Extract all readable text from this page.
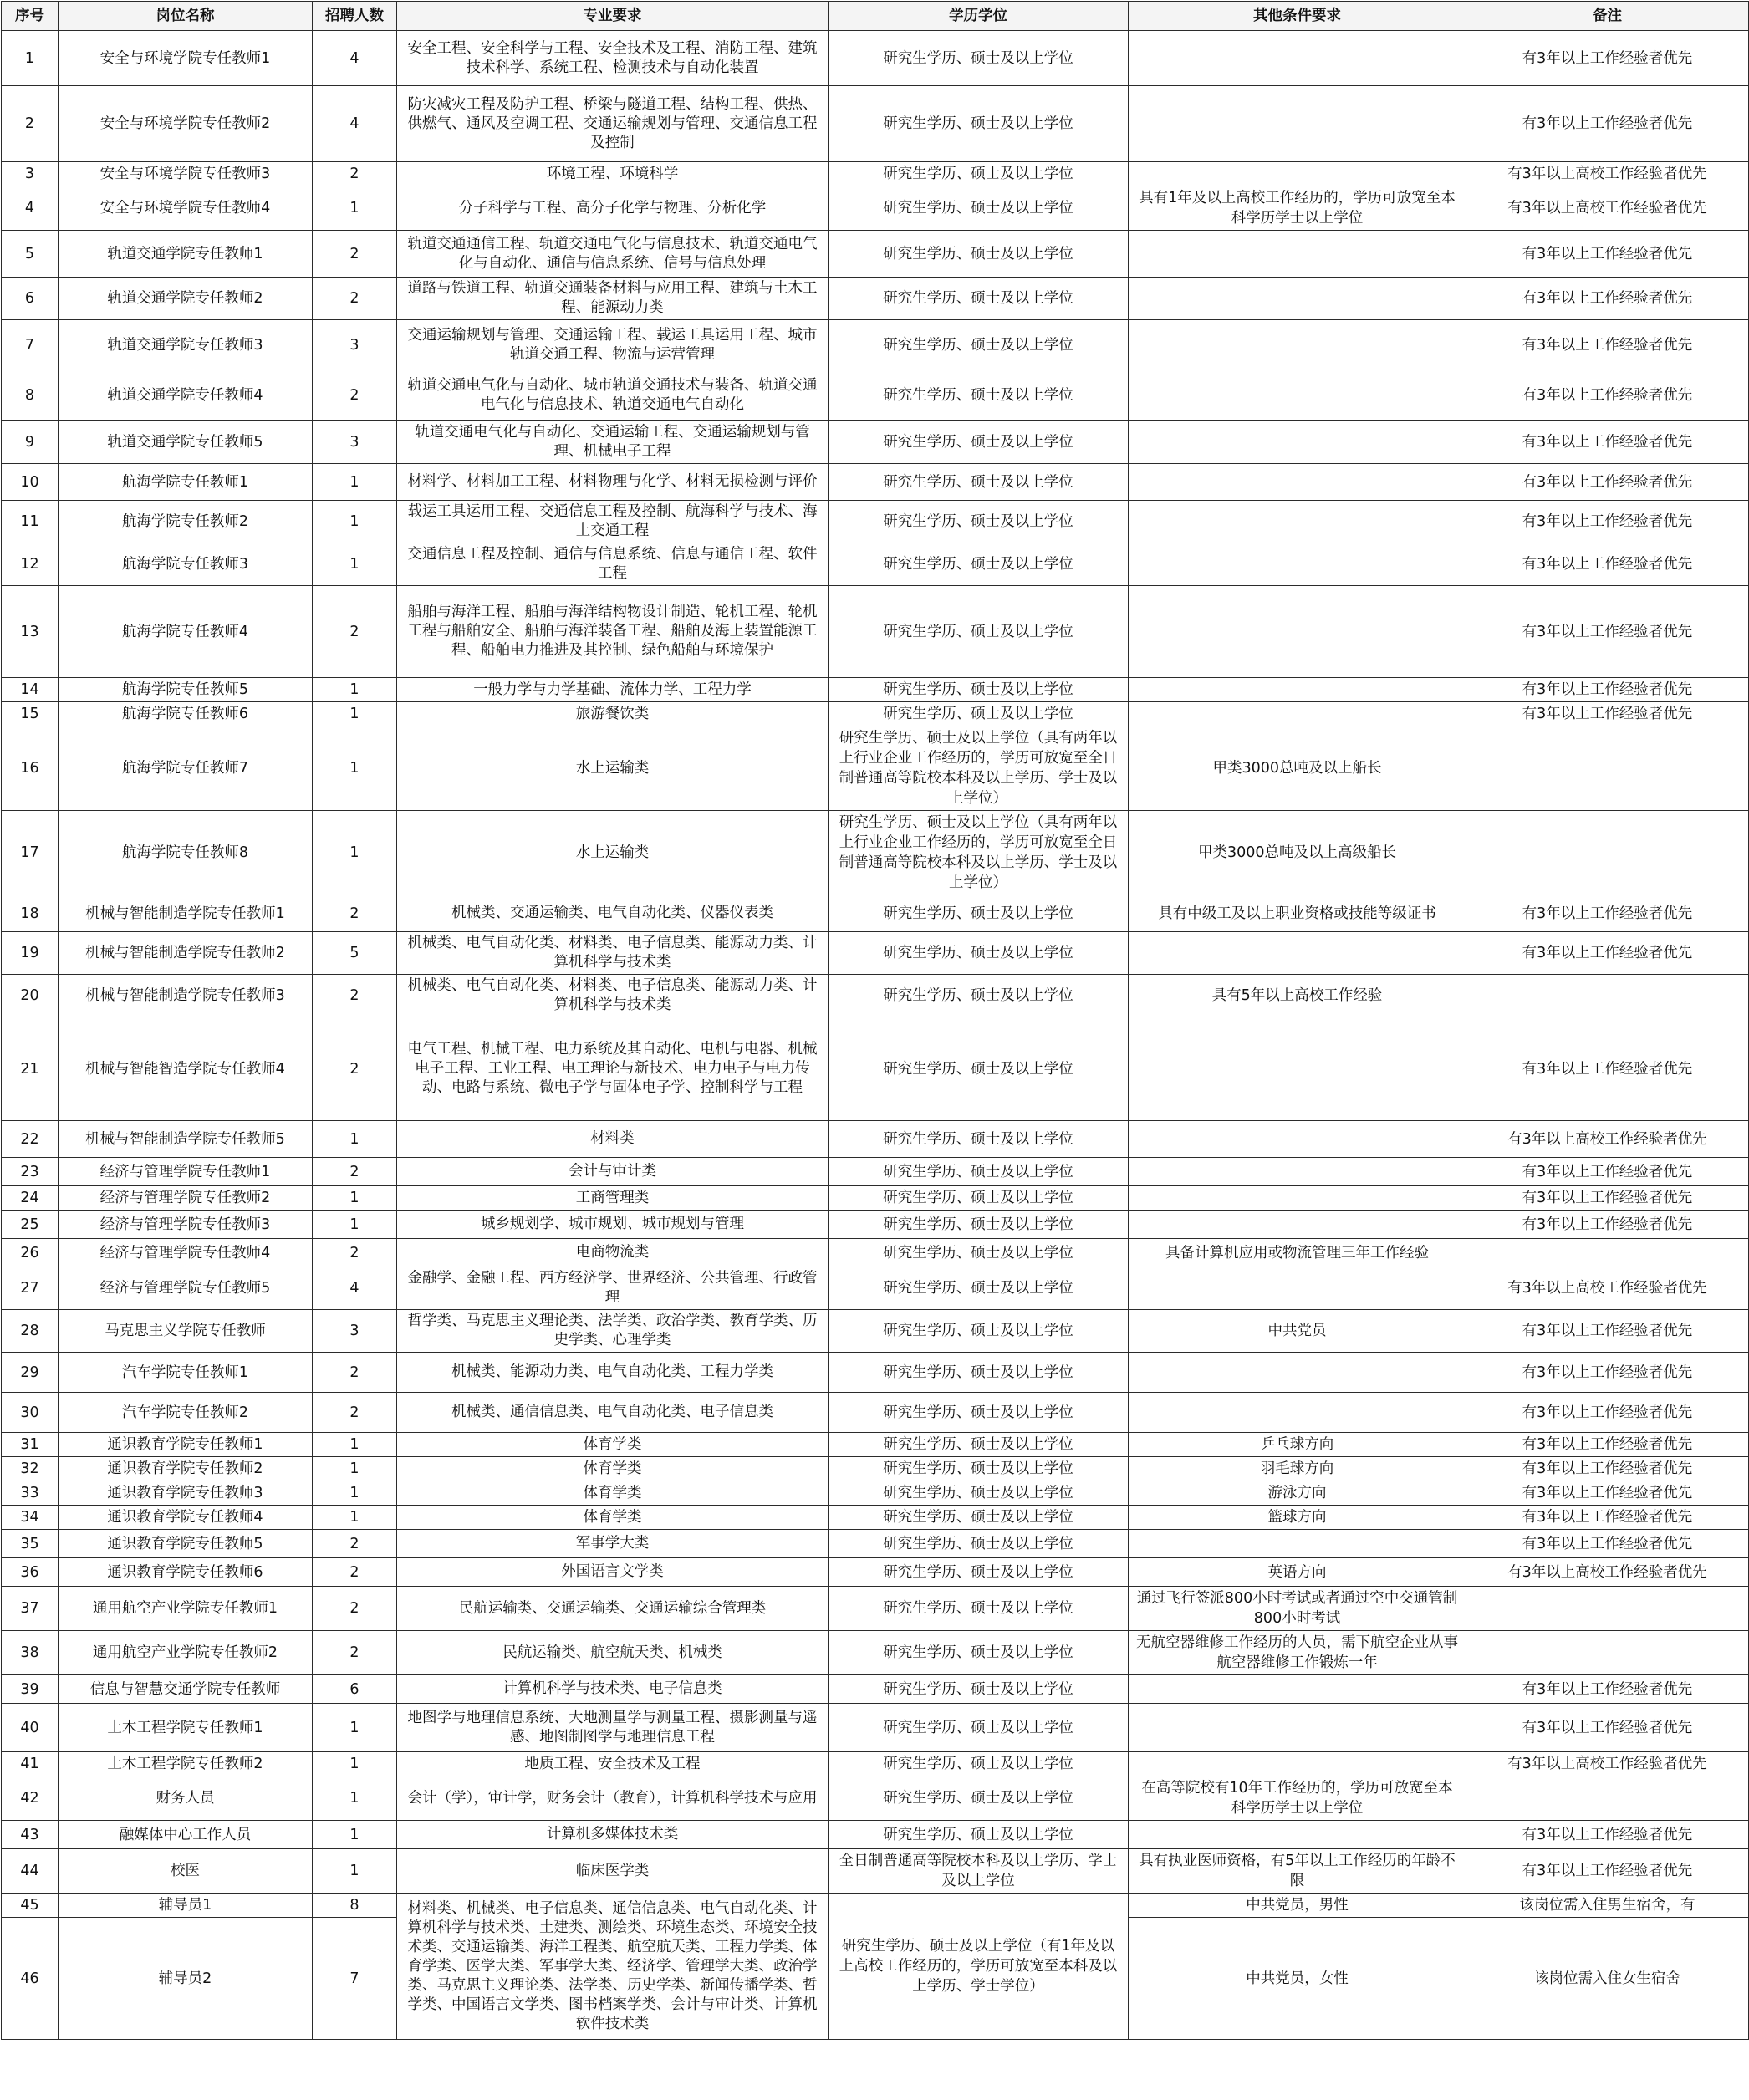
序号	岗位名称	招聘人数	专业要求	学历学位	其他条件要求	备注
1	安全与环境学院专任教师1	4	安全工程、安全科学与工程、安全技术及工程、消防工程、建筑技术科学、系统工程、检测技术与自动化装置	研究生学历、硕士及以上学位		有3年以上工作经验者优先
2	安全与环境学院专任教师2	4	防灾减灾工程及防护工程、桥梁与隧道工程、结构工程、供热、供燃气、通风及空调工程、交通运输规划与管理、交通信息工程及控制	研究生学历、硕士及以上学位		有3年以上工作经验者优先
3	安全与环境学院专任教师3	2	环境工程、环境科学	研究生学历、硕士及以上学位		有3年以上高校工作经验者优先
4	安全与环境学院专任教师4	1	分子科学与工程、高分子化学与物理、分析化学	研究生学历、硕士及以上学位	具有1年及以上高校工作经历的，学历可放宽至本科学历学士以上学位	有3年以上高校工作经验者优先
5	轨道交通学院专任教师1	2	轨道交通通信工程、轨道交通电气化与信息技术、轨道交通电气化与自动化、通信与信息系统、信号与信息处理	研究生学历、硕士及以上学位		有3年以上工作经验者优先
6	轨道交通学院专任教师2	2	道路与铁道工程、轨道交通装备材料与应用工程、建筑与土木工程、能源动力类	研究生学历、硕士及以上学位		有3年以上工作经验者优先
7	轨道交通学院专任教师3	3	交通运输规划与管理、交通运输工程、载运工具运用工程、城市轨道交通工程、物流与运营管理	研究生学历、硕士及以上学位		有3年以上工作经验者优先
8	轨道交通学院专任教师4	2	轨道交通电气化与自动化、城市轨道交通技术与装备、轨道交通电气化与信息技术、轨道交通电气自动化	研究生学历、硕士及以上学位		有3年以上工作经验者优先
9	轨道交通学院专任教师5	3	轨道交通电气化与自动化、交通运输工程、交通运输规划与管理、机械电子工程	研究生学历、硕士及以上学位		有3年以上工作经验者优先
10	航海学院专任教师1	1	材料学、材料加工工程、材料物理与化学、材料无损检测与评价	研究生学历、硕士及以上学位		有3年以上工作经验者优先
11	航海学院专任教师2	1	载运工具运用工程、交通信息工程及控制、航海科学与技术、海上交通工程	研究生学历、硕士及以上学位		有3年以上工作经验者优先
12	航海学院专任教师3	1	交通信息工程及控制、通信与信息系统、信息与通信工程、软件工程	研究生学历、硕士及以上学位		有3年以上工作经验者优先
13	航海学院专任教师4	2	船舶与海洋工程、船舶与海洋结构物设计制造、轮机工程、轮机工程与船舶安全、船舶与海洋装备工程、船舶及海上装置能源工程、船舶电力推进及其控制、绿色船舶与环境保护	研究生学历、硕士及以上学位		有3年以上工作经验者优先
14	航海学院专任教师5	1	一般力学与力学基础、流体力学、工程力学	研究生学历、硕士及以上学位		有3年以上工作经验者优先
15	航海学院专任教师6	1	旅游餐饮类	研究生学历、硕士及以上学位		有3年以上工作经验者优先
16	航海学院专任教师7	1	水上运输类	研究生学历、硕士及以上学位（具有两年以上行业企业工作经历的，学历可放宽至全日制普通高等院校本科及以上学历、学士及以上学位）	甲类3000总吨及以上船长	
17	航海学院专任教师8	1	水上运输类	研究生学历、硕士及以上学位（具有两年以上行业企业工作经历的，学历可放宽至全日制普通高等院校本科及以上学历、学士及以上学位）	甲类3000总吨及以上高级船长	
18	机械与智能制造学院专任教师1	2	机械类、交通运输类、电气自动化类、仪器仪表类	研究生学历、硕士及以上学位	具有中级工及以上职业资格或技能等级证书	有3年以上工作经验者优先
19	机械与智能制造学院专任教师2	5	机械类、电气自动化类、材料类、电子信息类、能源动力类、计算机科学与技术类	研究生学历、硕士及以上学位		有3年以上工作经验者优先
20	机械与智能制造学院专任教师3	2	机械类、电气自动化类、材料类、电子信息类、能源动力类、计算机科学与技术类	研究生学历、硕士及以上学位	具有5年以上高校工作经验	
21	机械与智能智造学院专任教师4	2	电气工程、机械工程、电力系统及其自动化、电机与电器、机械电子工程、工业工程、电工理论与新技术、电力电子与电力传动、电路与系统、微电子学与固体电子学、控制科学与工程	研究生学历、硕士及以上学位		有3年以上工作经验者优先
22	机械与智能制造学院专任教师5	1	材料类	研究生学历、硕士及以上学位		有3年以上高校工作经验者优先
23	经济与管理学院专任教师1	2	会计与审计类	研究生学历、硕士及以上学位		有3年以上工作经验者优先
24	经济与管理学院专任教师2	1	工商管理类	研究生学历、硕士及以上学位		有3年以上工作经验者优先
25	经济与管理学院专任教师3	1	城乡规划学、城市规划、城市规划与管理	研究生学历、硕士及以上学位		有3年以上工作经验者优先
26	经济与管理学院专任教师4	2	电商物流类	研究生学历、硕士及以上学位	具备计算机应用或物流管理三年工作经验	
27	经济与管理学院专任教师5	4	金融学、金融工程、西方经济学、世界经济、公共管理、行政管理	研究生学历、硕士及以上学位		有3年以上高校工作经验者优先
28	马克思主义学院专任教师	3	哲学类、马克思主义理论类、法学类、政治学类、教育学类、历史学类、心理学类	研究生学历、硕士及以上学位	中共党员	有3年以上工作经验者优先
29	汽车学院专任教师1	2	机械类、能源动力类、电气自动化类、工程力学类	研究生学历、硕士及以上学位		有3年以上工作经验者优先
30	汽车学院专任教师2	2	机械类、通信信息类、电气自动化类、电子信息类	研究生学历、硕士及以上学位		有3年以上工作经验者优先
31	通识教育学院专任教师1	1	体育学类	研究生学历、硕士及以上学位	乒乓球方向	有3年以上工作经验者优先
32	通识教育学院专任教师2	1	体育学类	研究生学历、硕士及以上学位	羽毛球方向	有3年以上工作经验者优先
33	通识教育学院专任教师3	1	体育学类	研究生学历、硕士及以上学位	游泳方向	有3年以上工作经验者优先
34	通识教育学院专任教师4	1	体育学类	研究生学历、硕士及以上学位	篮球方向	有3年以上工作经验者优先
35	通识教育学院专任教师5	2	军事学大类	研究生学历、硕士及以上学位		有3年以上工作经验者优先
36	通识教育学院专任教师6	2	外国语言文学类	研究生学历、硕士及以上学位	英语方向	有3年以上高校工作经验者优先
37	通用航空产业学院专任教师1	2	民航运输类、交通运输类、交通运输综合管理类	研究生学历、硕士及以上学位	通过飞行签派800小时考试或者通过空中交通管制800小时考试	
38	通用航空产业学院专任教师2	2	民航运输类、航空航天类、机械类	研究生学历、硕士及以上学位	无航空器维修工作经历的人员，需下航空企业从事航空器维修工作锻炼一年	
39	信息与智慧交通学院专任教师	6	计算机科学与技术类、电子信息类	研究生学历、硕士及以上学位		有3年以上工作经验者优先
40	土木工程学院专任教师1	1	地图学与地理信息系统、大地测量学与测量工程、摄影测量与遥感、地图制图学与地理信息工程	研究生学历、硕士及以上学位		有3年以上工作经验者优先
41	土木工程学院专任教师2	1	地质工程、安全技术及工程	研究生学历、硕士及以上学位		有3年以上高校工作经验者优先
42	财务人员	1	会计（学），审计学，财务会计（教育），计算机科学技术与应用	研究生学历、硕士及以上学位	在高等院校有10年工作经历的，学历可放宽至本科学历学士以上学位	
43	融媒体中心工作人员	1	计算机多媒体技术类	研究生学历、硕士及以上学位		有3年以上工作经验者优先
44	校医	1	临床医学类	全日制普通高等院校本科及以上学历、学士及以上学位	具有执业医师资格，有5年以上工作经历的年龄不限	有3年以上工作经验者优先
45	辅导员1	8	材料类、机械类、电子信息类、通信信息类、电气自动化类、计算机科学与技术类、土建类、测绘类、环境生态类、环境安全技术类、交通运输类、海洋工程类、航空航天类、工程力学类、体育学类、医学大类、军事学大类、经济学、管理学大类、政治学类、马克思主义理论类、法学类、历史学类、新闻传播学类、哲学类、中国语言文学类、图书档案学类、会计与审计类、计算机软件技术类	研究生学历、硕士及以上学位（有1年及以上高校工作经历的，学历可放宽至本科及以上学历、学士学位）	中共党员，男性	该岗位需入住男生宿舍，有
46	辅导员2	7			中共党员，女性	该岗位需入住女生宿舍
